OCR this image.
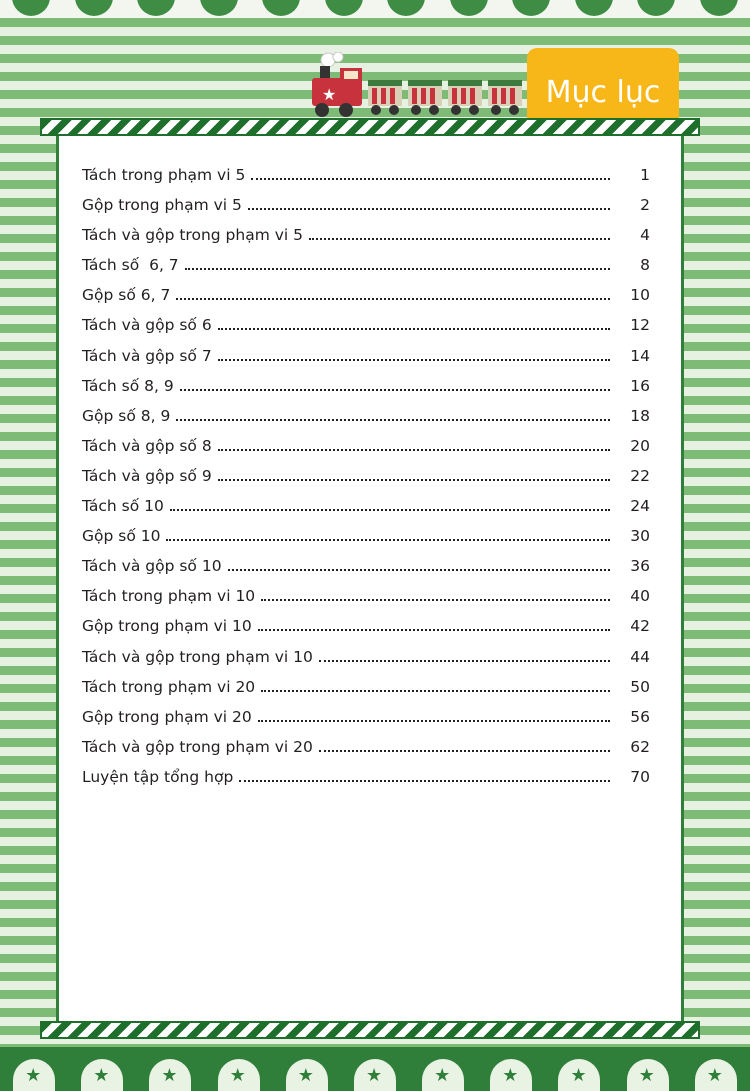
★	Mục lục
Tách trong phạm vi 5	1
Gộp trong phạm vi 5	2
Tách và gộp trong phạm vi 5	4
Tách số  6, 7	8
Gộp số 6, 7	10
Tách và gộp số 6	12
Tách và gộp số 7	14
Tách số 8, 9	16
Gộp số 8, 9	18
Tách và gộp số 8	20
Tách và gộp số 9	22
Tách số 10	24
Gộp số 10	30
Tách và gộp số 10	36
Tách trong phạm vi 10	40
Gộp trong phạm vi 10	42
Tách và gộp trong phạm vi 10	44
Tách trong phạm vi 20	50
Gộp trong phạm vi 20	56
Tách và gộp trong phạm vi 20	62
Luyện tập tổng hợp	70
★
★
★
★
★
★
★
★
★
★
★
